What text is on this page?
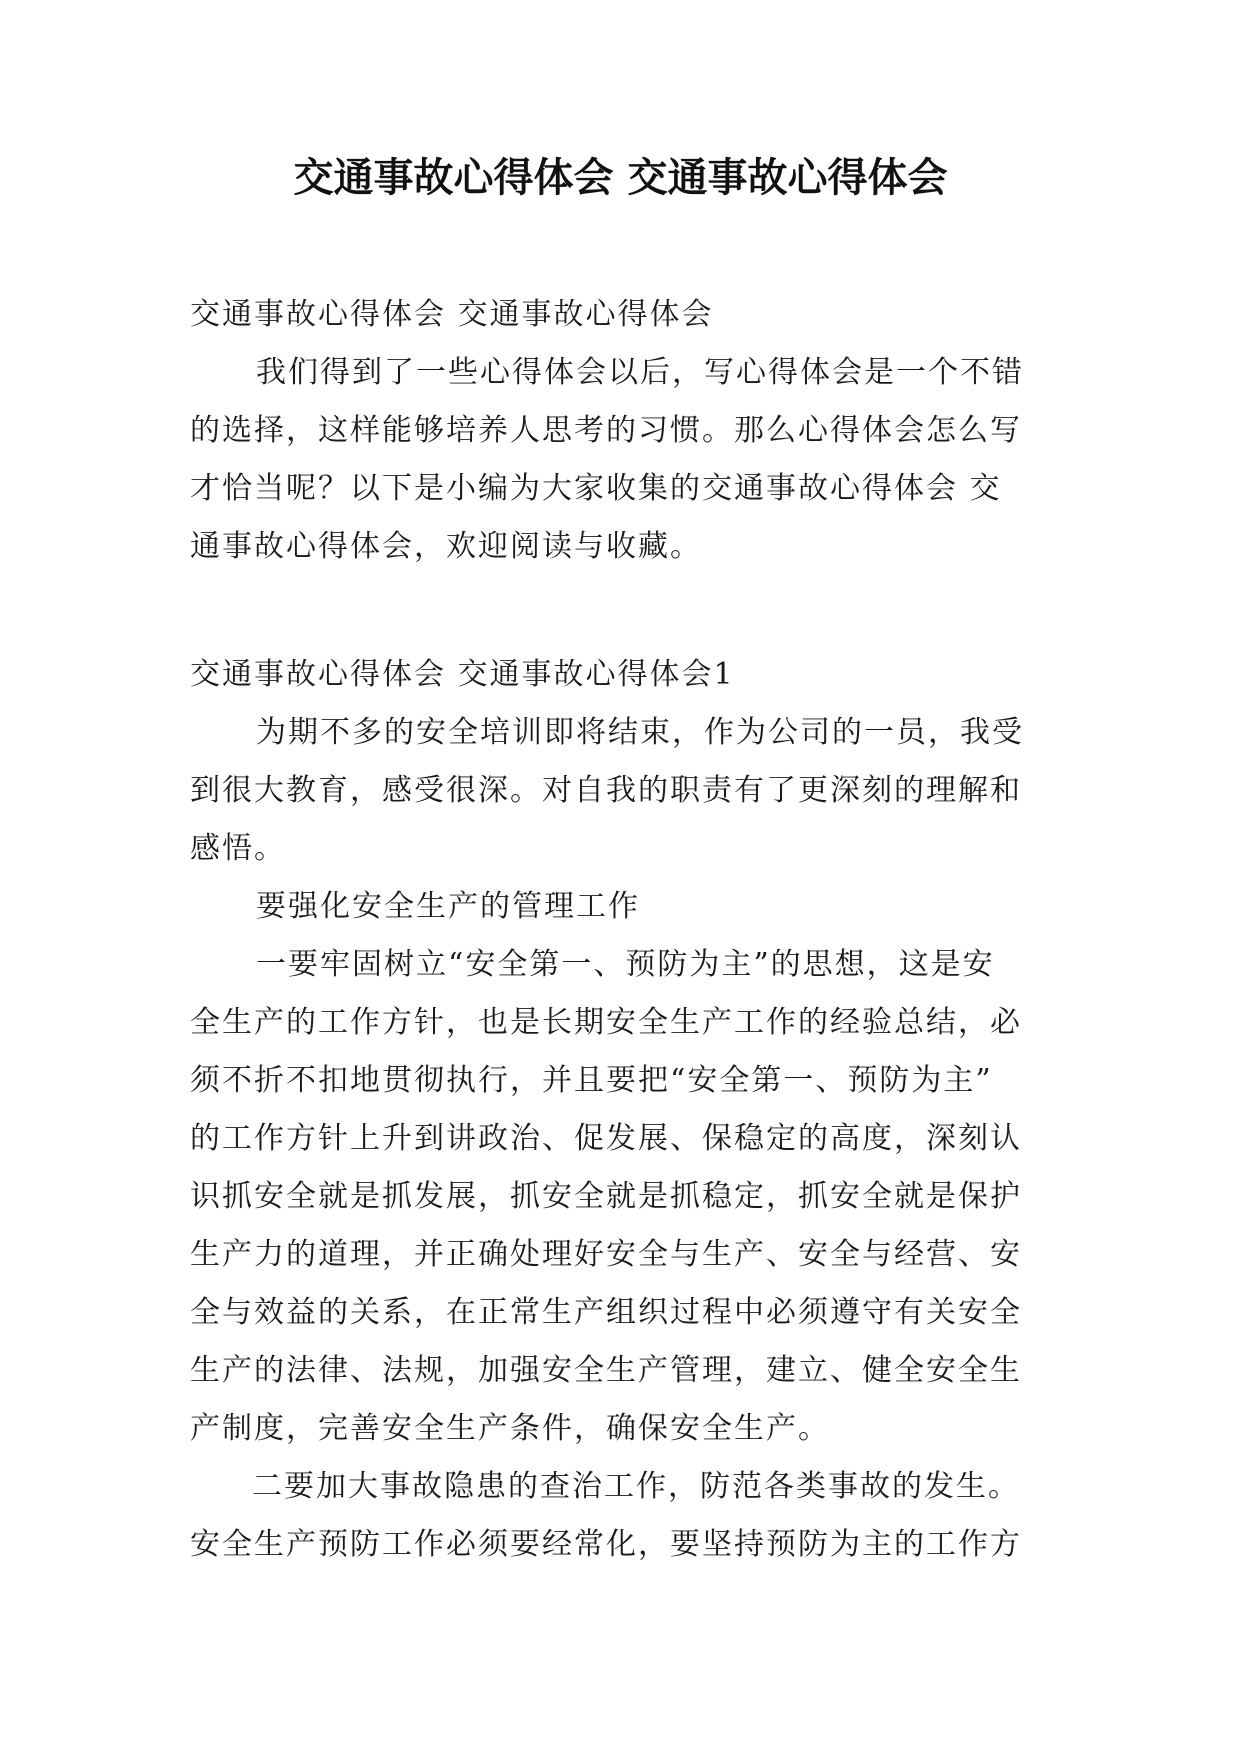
交通事故心得体会 交通事故心得体会
交通事故心得体会 交通事故心得体会
我们得到了一些心得体会以后，写心得体会是一个不错
的选择，这样能够培养人思考的习惯。那么心得体会怎么写
才恰当呢？以下是小编为大家收集的交通事故心得体会 交
通事故心得体会，欢迎阅读与收藏。
交通事故心得体会 交通事故心得体会1
为期不多的安全培训即将结束，作为公司的一员，我受
到很大教育，感受很深。对自我的职责有了更深刻的理解和
感悟。
要强化安全生产的管理工作
一要牢固树立“安全第一、预防为主”的思想，这是安
全生产的工作方针，也是长期安全生产工作的经验总结，必
须不折不扣地贯彻执行，并且要把“安全第一、预防为主”
的工作方针上升到讲政治、促发展、保稳定的高度，深刻认
识抓安全就是抓发展，抓安全就是抓稳定，抓安全就是保护
生产力的道理，并正确处理好安全与生产、安全与经营、安
全与效益的关系，在正常生产组织过程中必须遵守有关安全
生产的法律、法规，加强安全生产管理，建立、健全安全生
产制度，完善安全生产条件，确保安全生产。
二要加大事故隐患的查治工作，防范各类事故的发生。
安全生产预防工作必须要经常化，要坚持预防为主的工作方
